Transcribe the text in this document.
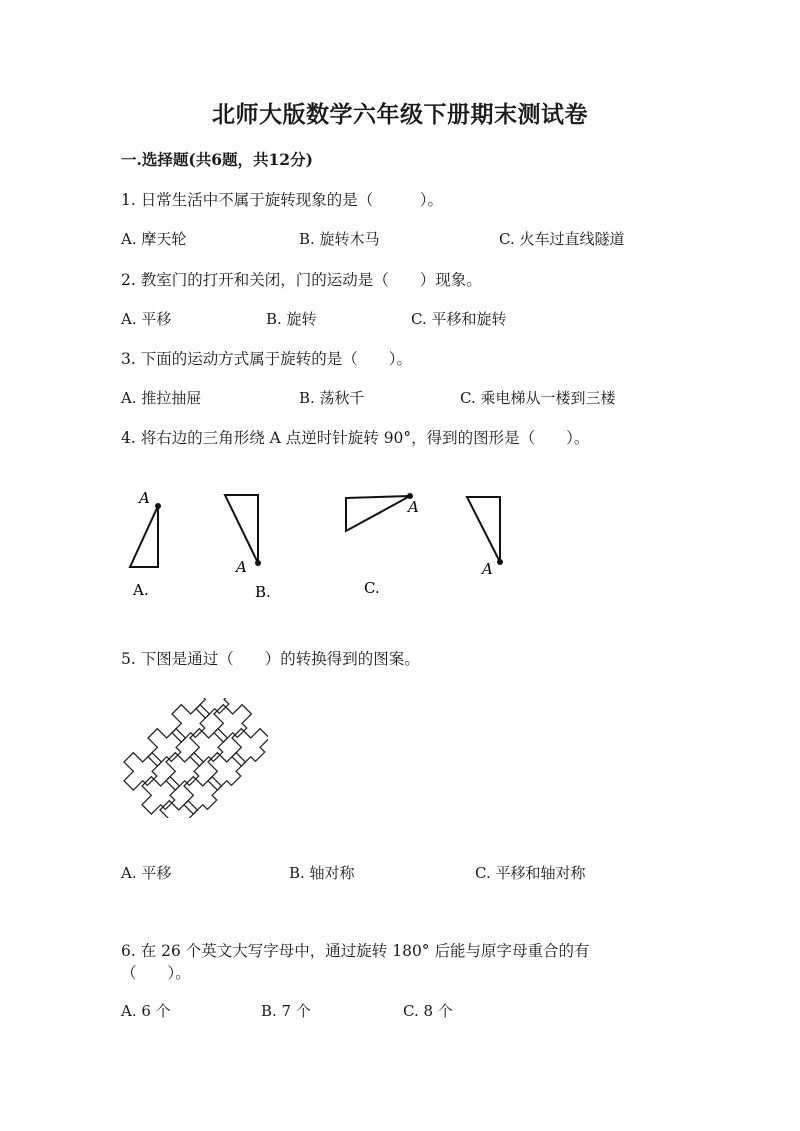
北师大版数学六年级下册期末测试卷
一.选择题(共6题，共12分)
1. 日常生活中不属于旋转现象的是（　　　）。
A. 摩天轮	B. 旋转木马	C. 火车过直线隧道
2. 教室门的打开和关闭，门的运动是（　　）现象。
A. 平移	B. 旋转	C. 平移和旋转
3. 下面的运动方式属于旋转的是（　　）。
A. 推拉抽屉	B. 荡秋千	C. 乘电梯从一楼到三楼
4. 将右边的三角形绕 A 点逆时针旋转 90°，得到的图形是（　　）。
A
A.
A
B.
A
C.
A
5. 下图是通过（　　）的转换得到的图案。
A. 平移	B. 轴对称	C. 平移和轴对称
6. 在 26 个英文大写字母中，通过旋转 180° 后能与原字母重合的有
（　　）。
A. 6 个	B. 7 个	C. 8 个
